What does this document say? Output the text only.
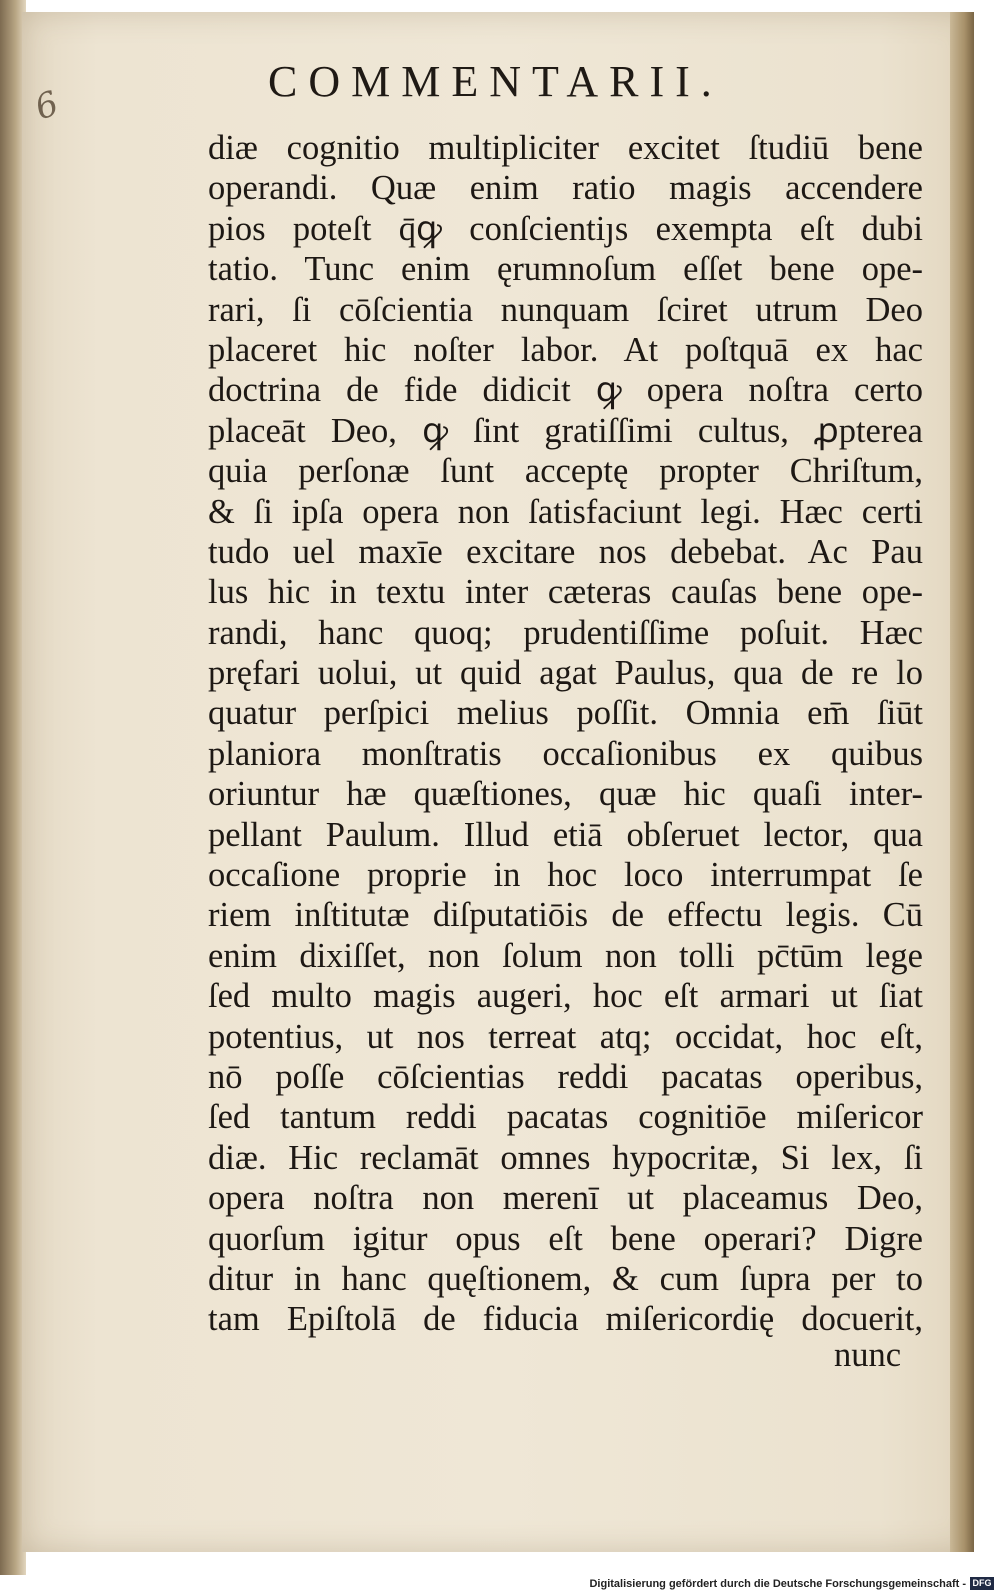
6	COMMENTARII.
diæ cognitio multipliciter excitet ſtudiū bene
operandi. Quæ enim ratio magis accendere
pios poteſt q̄ꝙ conſcientiȷs exempta eſt dubi
tatio. Tunc enim ęrumnoſum eſſet bene ope-
rari, ſi cōſcientia nunquam ſciret utrum Deo
placeret hic noſter labor. At poſtquā ex hac
doctrina de fide didicit ꝙ opera noſtra certo
placeāt Deo, ꝙ ſint gratiſſimi cultus, ꝓpterea
quia perſonæ ſunt acceptę propter Chriſtum,
& ſi ipſa opera non ſatisfaciunt legi. Hæc certi
tudo uel maxīe excitare nos debebat. Ac Pau
lus hic in textu inter cæteras cauſas bene ope-
randi, hanc quoq; prudentiſſime poſuit. Hæc
pręfari uolui, ut quid agat Paulus, qua de re lo
quatur perſpici melius poſſit. Omnia em̄ ſiūt
planiora monſtratis occaſionibus ex quibus
oriuntur hæ quæſtiones, quæ hic quaſi inter-
pellant Paulum. Illud etiā obſeruet lector, qua
occaſione proprie in hoc loco interrumpat ſe
riem inſtitutæ diſputatiōis de effectu legis. Cū
enim dixiſſet, non ſolum non tolli pc̄tūm lege
ſed multo magis augeri, hoc eſt armari ut ſiat
potentius, ut nos terreat atq; occidat, hoc eſt,
nō poſſe cōſcientias reddi pacatas operibus,
ſed tantum reddi pacatas cognitiōe miſericor
diæ. Hic reclamāt omnes hypocritæ, Si lex, ſi
opera noſtra non merenī ut placeamus Deo,
quorſum igitur opus eſt bene operari? Digre
ditur in hanc quęſtionem, & cum ſupra per to
tam Epiſtolā de fiducia miſericordię docuerit,
nunc
Digitalisierung gefördert durch die Deutsche Forschungsgemeinschaft - DFG
